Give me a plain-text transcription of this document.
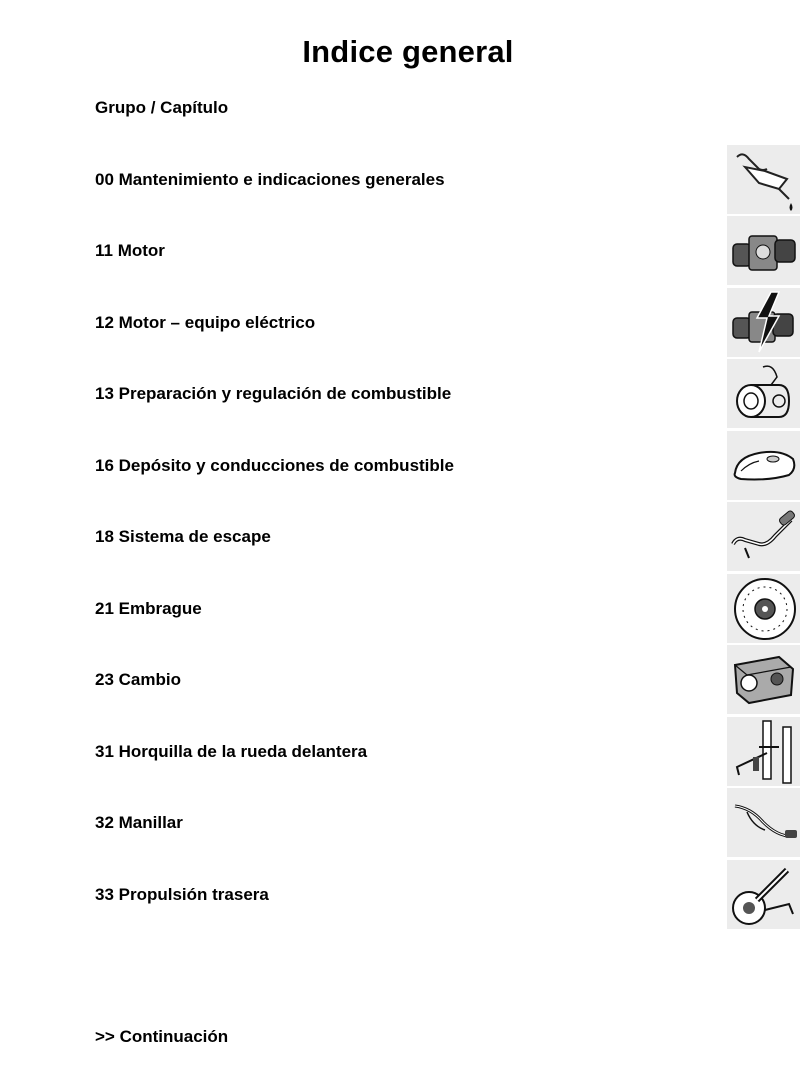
Indice general
Grupo / Capítulo
00 Mantenimiento e indicaciones generales
11 Motor
12 Motor – equipo eléctrico
13 Preparación y regulación de combustible
16 Depósito y conducciones de combustible
18 Sistema de escape
21 Embrague
23 Cambio
31 Horquilla de la rueda delantera
32 Manillar
33 Propulsión trasera
>> Continuación
